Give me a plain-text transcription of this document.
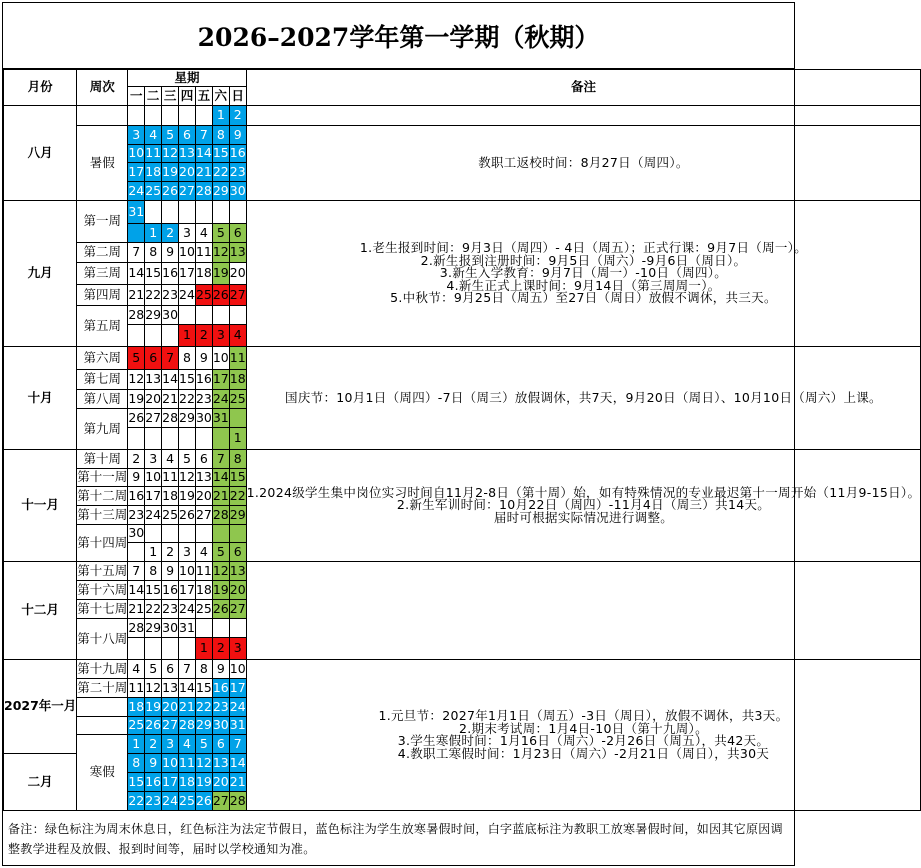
2026–2027学年第一学期（秋期）
月份	周次	星期							备注
		一	二	三	四	五	六	日	
八月							1	2	

	暑假	3	4	5	6	7	8	9	教职工返校时间：8月27日（周四）。

		10	11	12	13	14	15	16	
		17	18	19	20	21	22	23	
		24	25	26	27	28	29	30	
九月	第一周	31							1.老生报到时间：9月3日（周四）- 4日（周五）；正式行课：9月7日（周一）。
2.新生报到注册时间：9月5日（周六）-9月6日（周日）。
3.新生入学教育：9月7日（周一）-10日（周四）。
4.新生正式上课时间：9月14日（第三周周一）。
5.中秋节：9月25日（周五）至27日（周日）放假不调休，共三天。

			1	2	3	4	5	6	
	第二周	7	8	9	10	11	12	13	
	第三周	14	15	16	17	18	19	20	
	第四周	21	22	23	24	25	26	27	
	第五周	28	29	30					
					1	2	3	4	
十月	第六周	5	6	7	8	9	10	11	国庆节：10月1日（周四）-7日（周三）放假调休，共7天，9月20日（周日）、10月10日（周六）上课。

	第七周	12	13	14	15	16	17	18	
	第八周	19	20	21	22	23	24	25	
	第九周	26	27	28	29	30	31		
								1	
十一月	第十周	2	3	4	5	6	7	8	1.2024级学生集中岗位实习时间自11月2-8日（第十周）始，如有特殊情况的专业最迟第十一周开始（11月9-15日）。
2.新生军训时间：10月22日（周四）-11月4日（周三）共14天。
届时可根据实际情况进行调整。

	第十一周	9	10	11	12	13	14	15	
	第十二周	16	17	18	19	20	21	22	
	第十三周	23	24	25	26	27	28	29	
	第十四周	30							
			1	2	3	4	5	6	
十二月	第十五周	7	8	9	10	11	12	13	

	第十六周	14	15	16	17	18	19	20	
	第十七周	21	22	23	24	25	26	27	
	第十八周	28	29	30	31				
						1	2	3	
2027年一月	第十九周	4	5	6	7	8	9	10	1.元旦节：2027年1月1日（周五）-3日（周日），放假不调休，共3天。
2.期末考试周：1月4日-10日（第十九周）。
3.学生寒假时间：1月16日（周六）-2月26日（周五），共42天。
4.教职工寒假时间：1月23日（周六）-2月21日（周日），共30天

	第二十周	11	12	13	14	15	16	17	
		18	19	20	21	22	23	24	
		25	26	27	28	29	30	31	
	寒假	1	2	3	4	5	6	7	
二月		8	9	10	11	12	13	14	
		15	16	17	18	19	20	21	
		22	23	24	25	26	27	28	
备注：绿色标注为周末休息日，红色标注为法定节假日，蓝色标注为学生放寒暑假时间，白字蓝底标注为教职工放寒暑假时间，如因其它原因调整教学进程及放假、报到时间等，届时以学校通知为准。
